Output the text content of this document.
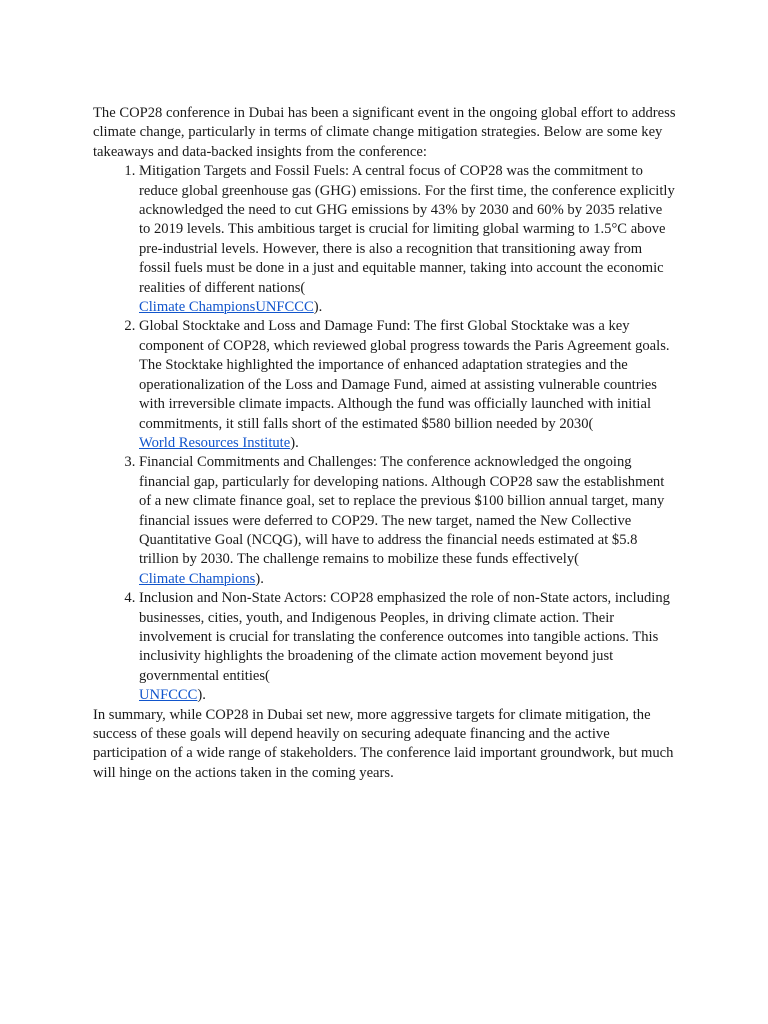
The COP28 conference in Dubai has been a significant event in the ongoing global effort to address climate change, particularly in terms of climate change mitigation strategies. Below are some key takeaways and data-backed insights from the conference:

1. Mitigation Targets and Fossil Fuels: A central focus of COP28 was the commitment to reduce global greenhouse gas (GHG) emissions. For the first time, the conference explicitly acknowledged the need to cut GHG emissions by 43% by 2030 and 60% by 2035 relative to 2019 levels. This ambitious target is crucial for limiting global warming to 1.5°C above pre-industrial levels. However, there is also a recognition that transitioning away from fossil fuels must be done in a just and equitable manner, taking into account the economic realities of different nations(
Climate ChampionsUNFCCC).
2. Global Stocktake and Loss and Damage Fund: The first Global Stocktake was a key component of COP28, which reviewed global progress towards the Paris Agreement goals. The Stocktake highlighted the importance of enhanced adaptation strategies and the operationalization of the Loss and Damage Fund, aimed at assisting vulnerable countries with irreversible climate impacts. Although the fund was officially launched with initial commitments, it still falls short of the estimated $580 billion needed by 2030(
World Resources Institute).
3. Financial Commitments and Challenges: The conference acknowledged the ongoing financial gap, particularly for developing nations. Although COP28 saw the establishment of a new climate finance goal, set to replace the previous $100 billion annual target, many financial issues were deferred to COP29. The new target, named the New Collective Quantitative Goal (NCQG), will have to address the financial needs estimated at $5.8 trillion by 2030. The challenge remains to mobilize these funds effectively(
Climate Champions).
4. Inclusion and Non-State Actors: COP28 emphasized the role of non-State actors, including businesses, cities, youth, and Indigenous Peoples, in driving climate action. Their involvement is crucial for translating the conference outcomes into tangible actions. This inclusivity highlights the broadening of the climate action movement beyond just governmental entities(
UNFCCC).

In summary, while COP28 in Dubai set new, more aggressive targets for climate mitigation, the success of these goals will depend heavily on securing adequate financing and the active participation of a wide range of stakeholders. The conference laid important groundwork, but much will hinge on the actions taken in the coming years.
